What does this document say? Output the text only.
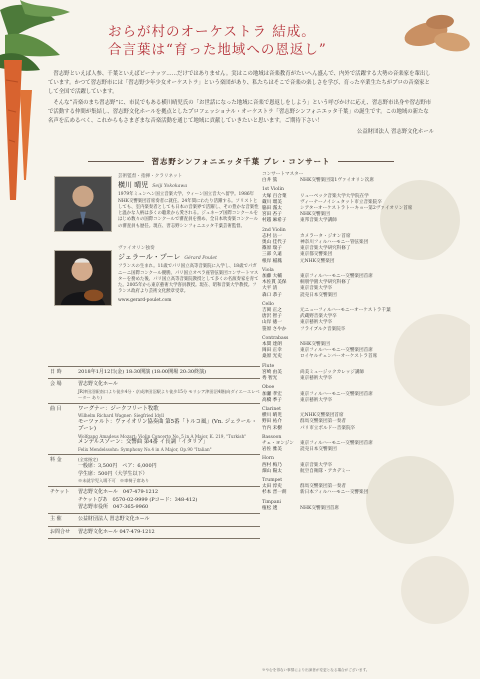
おらが村のオーケストラ 結成。
合言葉は“育った地域への恩返し”

習志野といえば人参、千葉といえばピーナッツ……だけではありません。実はこの地域は音楽教育がたいへん盛んで、内外で活躍する大勢の音楽家を輩出しています。かつて習志野市には「習志野少年少女オーケストラ」という楽団があり、私たちはそこで音楽の楽しさを学び、育った卒業生たちがプロの音楽家として全国で活躍しています。

そんな“音楽のまち習志野”に、市民でもある横川晴児氏の「お世話になった地域に音楽で恩返しをしよう」という呼びかけに応え、習志野市出身や習志野市で活動する仲間が集結し、習志野文化ホールを拠点としたプロフェッショナル・オーケストラ「習志野シンフォニエッタ千葉」の誕生です。この地域の新たな名声を広めるべく、これからもさまざまな音楽活動を通じて地域に貢献していきたいと思います。ご期待下さい！

公益財団法人 習志野文化ホール
習志野シンフォニエッタ千葉 プレ・コンサート
芸術監督・指揮・クラリネット
横川 晴児 Seiji Yokokawa
1979年ミュンヘン国立音楽大学、ウィーン国立音大へ留学。1986年NHK交響楽団首席奏者に就任。24年間にわたり活躍する。ソリストとしても、室内楽奏者としても日本の音楽界で活躍し、その豊かな音楽性と温かな人柄は多くの聴衆から愛される。ジュネーブ国際コンクールをはじめ数々の国際コンクールで審査員を務め、全日本吹奏楽コンクールの審査員も歴任。現在、習志野シンフォニエッタ千葉芸術監督。
ヴァイオリン独奏
ジェラール・プーレ Gérard Poulet
フランスの生まれ。11歳でパリ国立高等音楽院に入学し、18歳でパガニーニ国際コンクール優勝。パリ国立オペラ座管弦楽団コンサートマスターを務めた後、パリ国立高等音楽院教授として多くの名演奏家を育てた。2005年から東京藝術大学客員教授。現在、昭和音楽大学教授。フランス政府より芸術文化勲章受章。
www.gerard-poulet.com
日 時	2018年1月12日(金) 18:30開演 (18:00開場 20:30終演)
会 場	習志野文化ホール
JR津田沼駅南口より徒歩4分・京成津田沼駅より徒歩15分 モリシア津田沼4階(向ダイエーエレベーター あり)
曲 目	ワーグナー：ジークフリート牧歌
Wilhelm Richard Wagner: Siegfried Idyll
モーツァルト：ヴァイオリン協奏曲 第5番「トルコ風」(Vn. ジェラール・プーレ)
Wolfgang Amadeus Mozart: Violin Concerto No. 5 in A Major, K. 219, "Turkish"
メンデルスゾーン：交響曲 第4番 イ長調「イタリア」
Felix Mendelssohn: Symphony No.4 in A Major, Op.90 "Italian"
料 金	(全席指定)
一般席：3,500円　ペア：6,000円
学生席：500円（大学生以下）
※未就学児入場不可　※車椅子席あり
チケット	習志野文化ホール　047-479-1212
チケットぴあ　0570-02-9999 (Pコード：348-412)
習志野市役所　047-365-9960
主 催	公益財団法人 習志野文化ホール
お問合せ	習志野文化ホール 047-479-1212
コンサートマスター
白井 篤	NHK交響楽団第1ヴァイオリン次席
1st Violin
大塚 百合菜	リューベック音楽大学大学院在学
蔵川 瑠美	ヴィーナーノイシュタット市立音楽院卒
脇田 霧太	シアターオーケストラトーキョー第2ヴァイオリン首席
宮田 杏子	NHK交響楽団
村越 麻希子	東邦音楽大学講師
2nd Violin
志村 岳一	カメラータ・ジオン首席
奥山 佳代子	神奈川フィルハーモニー管弦楽団
篠原 瑞子	東京音楽大学研究科修了
三部 久遠	東京都交響楽団
根岸 稲鳳	元NHK交響楽団
Viola
加藤 大輔	東京フィルハーモニー交響楽団首席
木佐貫 美保	桐朋学園大学研究科修了
大平 清	東京音楽大学卒
森口 恭子	読売日本交響楽団
Cello
吉岡 正之	元ニューフィルハーモニーオーケストラ千葉
唐沢 智子	武蔵野音楽大学卒
山岸 徳一	東京藝術大学卒
笹原 さやか	フライブルク音楽院卒
Contrabass
本間 達朗	NHK交響楽団
岡田 正幸	東京フィルハーモニー交響楽団首席
桑原 光史	ロイヤルチェンバーオーケストラ首席
Flute
宮崎 由美	尚美ミュージックカレッジ講師
秀 智光	東京藝術大学卒
Oboe
加瀬 孝宏	東京フィルハーモニー交響楽団首席
高橋 季子	東京藝術大学卒
Clarinet
横川 晴児	元NHK交響楽団首席
野田 祐介	群馬交響楽団第一奏者
竹内 未樹	パリ市立ボルドー音楽院卒
Bassoon
チェ・ヨンジン	東京フィルハーモニー交響楽団首席
岩佐 雅美	読売日本交響楽団
Horn
西村 梅乃	東京音楽大学卒
畑山 陽太	航空自衛隊・アカデミー
Trumpet
太田 淳史	群馬交響楽団第一奏者
杉本 晋一朗	新日本フィルハーモニー交響楽団
Timpani
植松 透	NHK交響楽団首席
※やむを得ない事情により出演者が変更となる場合がございます。
